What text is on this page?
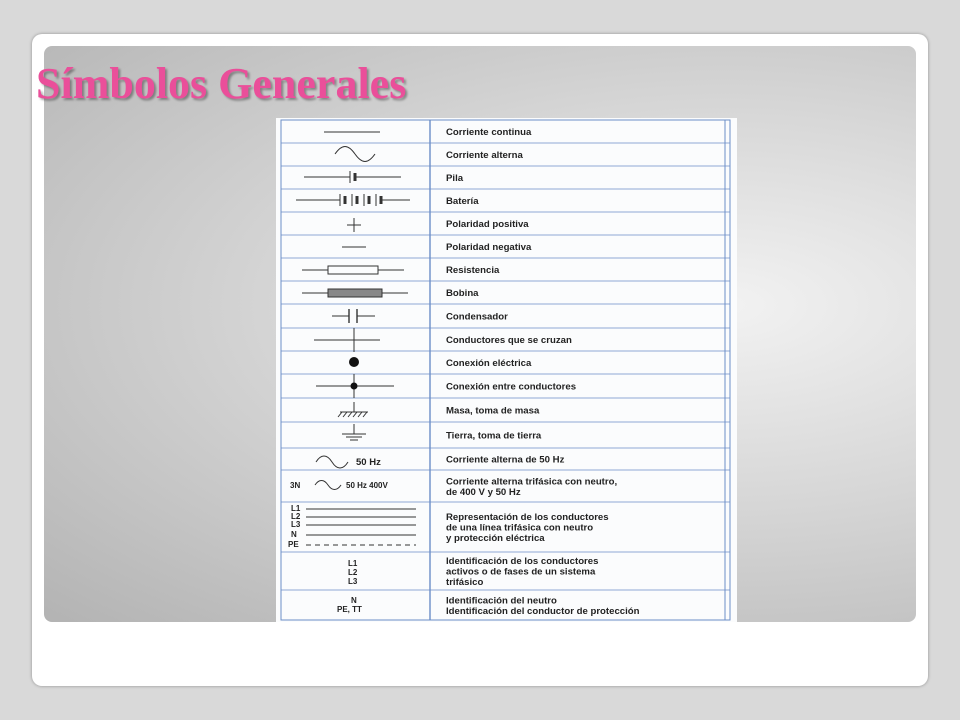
Símbolos Generales
50 Hz
3N	50 Hz 400V
L1
L2
L3
N
PE
L1
L2
L3
N
PE, TT
Corriente continua
Corriente alterna
Pila
Batería
Polaridad positiva
Polaridad negativa
Resistencia
Bobina
Condensador
Conductores que se cruzan
Conexión eléctrica
Conexión entre conductores
Masa, toma de masa
Tierra, toma de tierra
Corriente alterna de 50 Hz
Corriente alterna trifásica con neutro,
de 400 V y 50 Hz
Representación de los conductores
de una línea trifásica con neutro
y protección eléctrica
Identificación de los conductores
activos o de fases de un sistema
trifásico
Identificación del neutro
Identificación del conductor de protección
